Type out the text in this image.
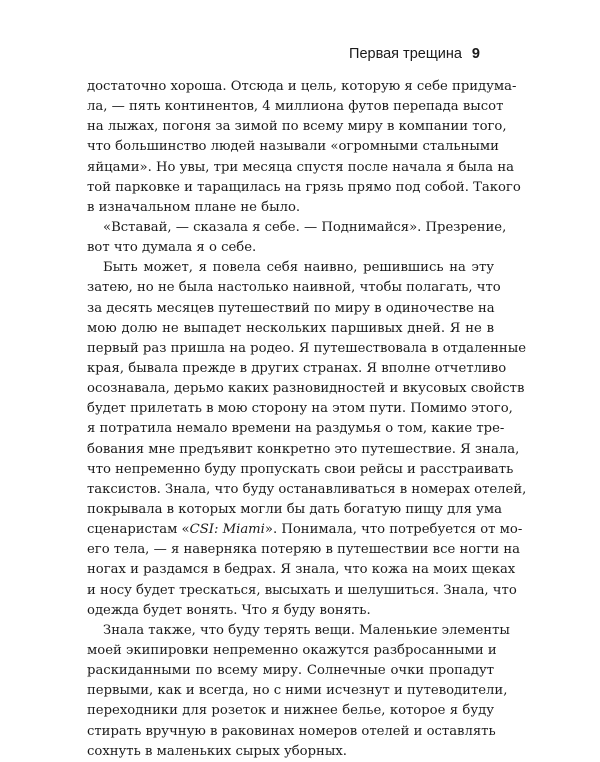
Первая трещина 9
достаточно хороша. Отсюда и цель, которую я себе придума-
ла, — пять континентов, 4 миллиона футов перепада высот
на лыжах, погоня за зимой по всему миру в компании того,
что большинство людей называли «огромными стальными
яйцами». Но увы, три месяца спустя после начала я была на
той парковке и таращилась на грязь прямо под собой. Такого
в изначальном плане не было.
«Вставай, — сказала я себе. — Поднимайся». Презрение,
вот что думала я о себе.
Быть может, я повела себя наивно, решившись на эту
затею, но не была настолько наивной, чтобы полагать, что
за десять месяцев путешествий по миру в одиночестве на
мою долю не выпадет нескольких паршивых дней. Я не в
первый раз пришла на родео. Я путешествовала в отдаленные
края, бывала прежде в других странах. Я вполне отчетливо
осознавала, дерьмо каких разновидностей и вкусовых свойств
будет прилетать в мою сторону на этом пути. Помимо этого,
я потратила немало времени на раздумья о том, какие тре-
бования мне предъявит конкретно это путешествие. Я знала,
что непременно буду пропускать свои рейсы и расстраивать
таксистов. Знала, что буду останавливаться в номерах отелей,
покрывала в которых могли бы дать богатую пищу для ума
сценаристам «CSI: Miami». Понимала, что потребуется от мо-
его тела, — я наверняка потеряю в путешествии все ногти на
ногах и раздамся в бедрах. Я знала, что кожа на моих щеках
и носу будет трескаться, высыхать и шелушиться. Знала, что
одежда будет вонять. Что я буду вонять.
Знала также, что буду терять вещи. Маленькие элементы
моей экипировки непременно окажутся разбросанными и
раскиданными по всему миру. Солнечные очки пропадут
первыми, как и всегда, но с ними исчезнут и путеводители,
переходники для розеток и нижнее белье, которое я буду
стирать вручную в раковинах номеров отелей и оставлять
сохнуть в маленьких сырых уборных.
